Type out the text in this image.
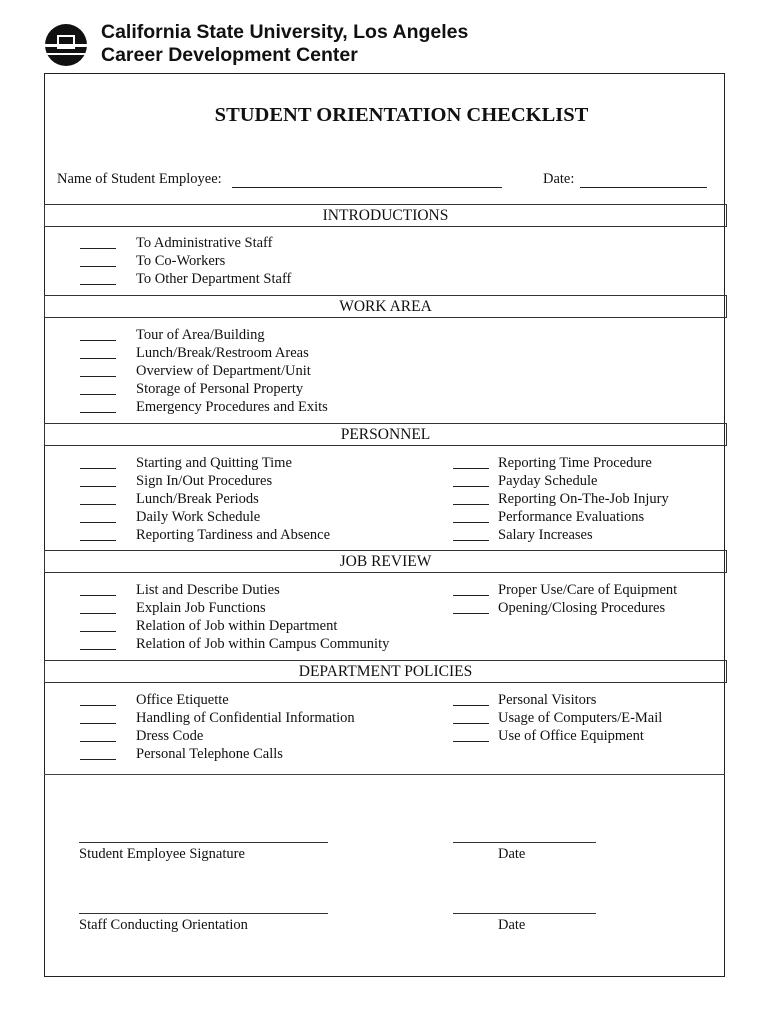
California State University, Los Angeles
Career Development Center
STUDENT ORIENTATION CHECKLIST
Name of Student Employee:	Date:
INTRODUCTIONS
To Administrative Staff
To Co-Workers
To Other Department Staff
WORK AREA
Tour of Area/Building
Lunch/Break/Restroom Areas
Overview of Department/Unit
Storage of Personal Property
Emergency Procedures and Exits
PERSONNEL
Starting and Quitting Time
Sign In/Out Procedures
Lunch/Break Periods
Daily Work Schedule
Reporting Tardiness and Absence
Reporting Time Procedure
Payday Schedule
Reporting On-The-Job Injury
Performance Evaluations
Salary Increases
JOB REVIEW
List and Describe Duties
Explain Job Functions
Relation of Job within Department
Relation of Job within Campus Community
Proper Use/Care of Equipment
Opening/Closing Procedures
DEPARTMENT POLICIES
Office Etiquette
Handling of Confidential Information
Dress Code
Personal Telephone Calls
Personal Visitors
Usage of Computers/E-Mail
Use of Office Equipment
Student Employee Signature	Date
Staff Conducting Orientation	Date
